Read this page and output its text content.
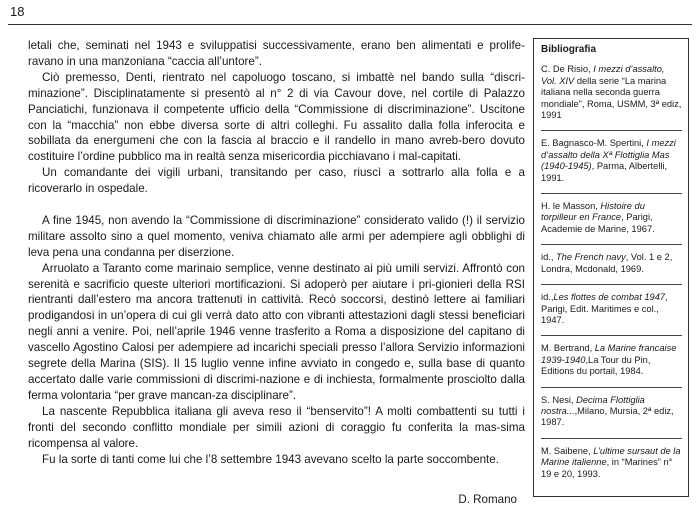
18

letali che, seminati nel 1943 e sviluppatisi successivamente, erano ben alimentati e prolife-ravano in una manzoniana “caccia all’untore”.

Ciò premesso, Denti, rientrato nel capoluogo toscano, si imbattè nel bando sulla “discri-minazione”. Disciplinatamente si presentò al n° 2 di via Cavour dove, nel cortile di Palazzo Panciatichi, funzionava il competente ufficio della “Commissione di discriminazione”. Uscitone con la “macchia” non ebbe diversa sorte di altri colleghi. Fu assalito dalla folla inferocita e sobillata da energumeni che con la fascia al braccio e il randello in mano avreb-bero dovuto costituire l’ordine pubblico ma in realtà senza misericordia picchiavano i mal-capitati.

Un comandante dei vigili urbani, transitando per caso, riuscì a sottrarlo alla folla e a ricoverarlo in ospedale.

A fine 1945, non avendo la “Commissione di discriminazione” considerato valido (!) il servizio militare assolto sino a quel momento, veniva chiamato alle armi per adempiere agli obblighi di leva pena una condanna per diserzione.

Arruolato a Taranto come marinaio semplice, venne destinato ai più umili servizi. Affrontò con serenità e sacrificio queste ulteriori mortificazioni. Si adoperò per aiutare i pri-gionieri della RSI rientranti dall’estero ma ancora trattenuti in cattività. Recò soccorsi, destinò lettere ai familiari prodigandosi in un’opera di cui gli verrà dato atto con vibranti attestazioni dagli stessi beneficiari negli anni a venire. Poi, nell’aprile 1946 venne trasferito a Roma a disposizione del capitano di vascello Agostino Calosi per adempiere ad incarichi speciali presso l’allora Servizio informazioni segrete della Marina (SIS). Il 15 luglio venne infine avviato in congedo e, sulla base di quanto accertato dalle varie commissioni di discrimi-nazione e di inchiesta, formalmente prosciolto dalla ferma volontaria “per grave mancan-za disciplinare”.

La nascente Repubblica italiana gli aveva reso il “benservito”! A molti combattenti su tutti i fronti del secondo conflitto mondiale per simili azioni di coraggio fu conferita la mas-sima ricompensa al valore.

Fu la sorte di tanti come lui che l’8 settembre 1943 avevano scelto la parte soccombente.

D. Romano
Bibliografia
C. De Risio, I mezzi d’assalto, Vol. XIV della serie “La marina italiana nella seconda guerra mondiale”, Roma, USMM, 3ª ediz, 1991
E. Bagnasco-M. Spertini, I mezzi d’assalto della Xª Flottiglia Mas (1940-1945), Parma, Albertelli, 1991.
H. le Masson, Histoire du torpilleur en France, Parigi, Academie de Marine, 1967.
id., The French navy, Vol. 1 e 2, Londra, Mcdonald, 1969.
id.,Les flottes de combat 1947, Parigi, Edit. Maritimes e col., 1947.
M. Bertrand, La Marine francaise 1939-1940,La Tour du Pin, Editions du portail, 1984.
S. Nesi, Decima Flottiglia nostra...,Milano, Mursia, 2ª ediz, 1987.
M. Saibene, L’ultime sursaut de la Marine italienne, in “Marines” n° 19 e 20, 1993.
